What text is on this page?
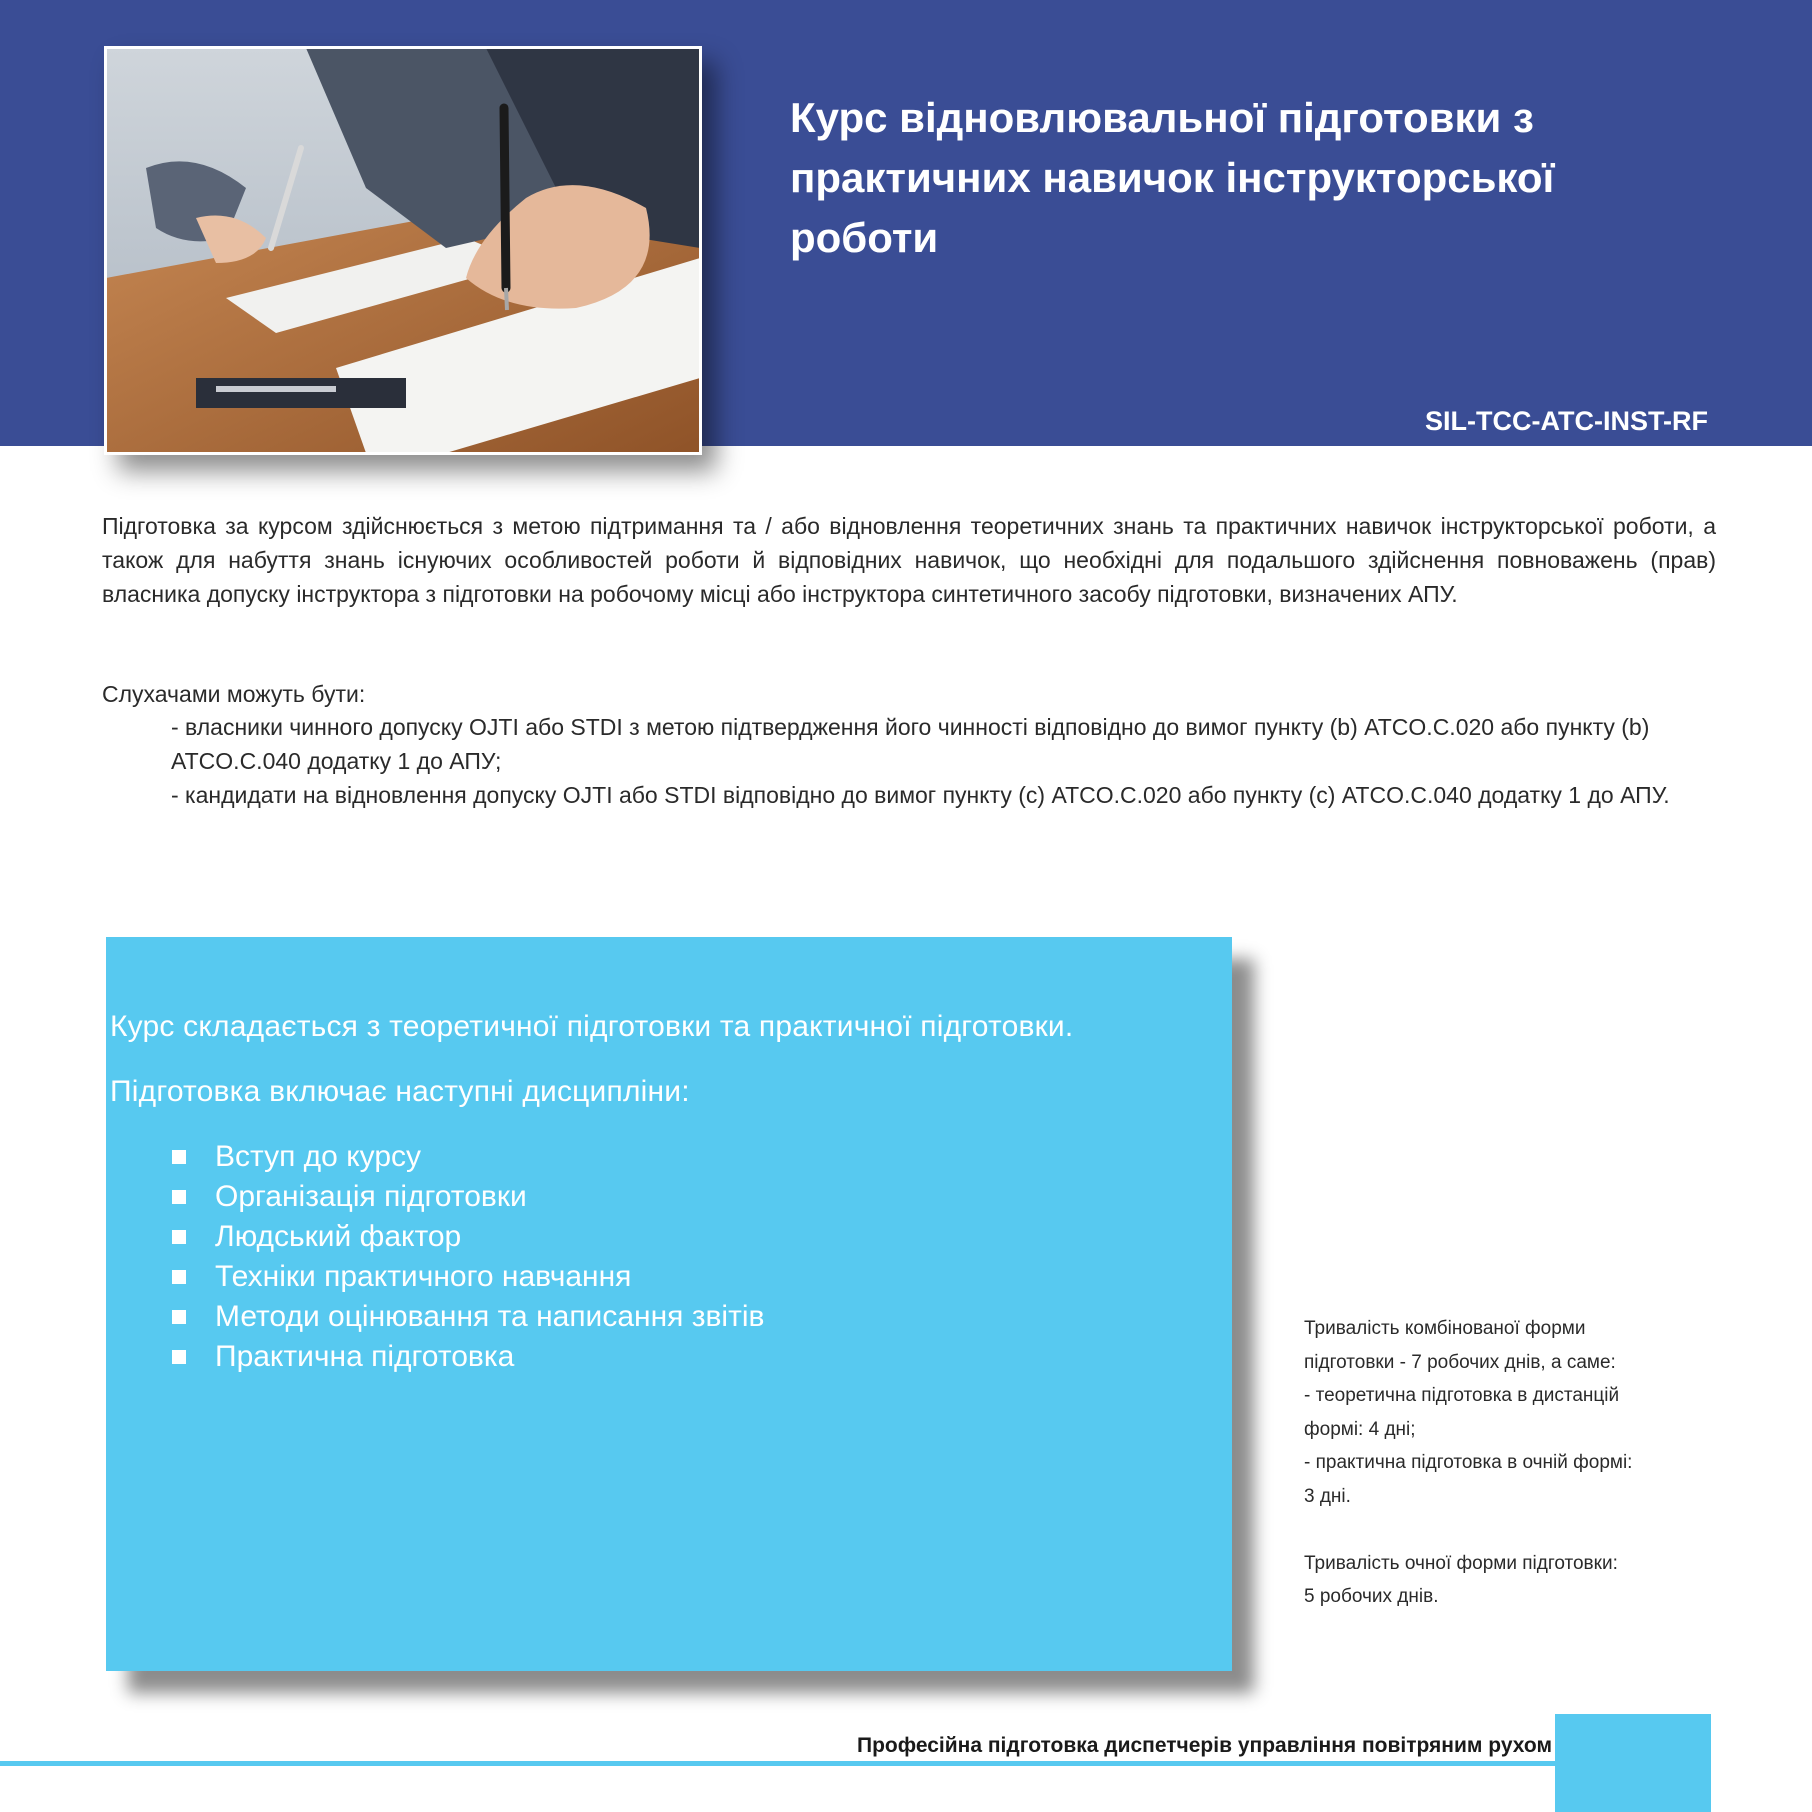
Курс відновлювальної підготовки з практичних навичок інструкторської роботи
SIL-TCC-ATC-INST-RF
Підготовка за курсом здійснюється з метою підтримання та / або відновлення теоретичних знань та практичних навичок інструкторської роботи, а також для набуття знань існуючих особливостей роботи й відповідних навичок, що необхідні для подальшого здійснення повноважень (прав) власника допуску інструктора з підготовки на робочому місці або інструктора синтетичного засобу підготовки, визначених АПУ.
Слухачами можуть бути:
- власники чинного допуску OJTI або STDI з метою підтвердження його чинності відповідно до вимог пункту (b) ATCO.C.020 або пункту (b) ATCO.C.040 додатку 1 до АПУ;
- кандидати на відновлення допуску OJTI або STDI відповідно до вимог пункту (c) ATCO.C.020 або пункту (c) ATCO.C.040 додатку 1 до АПУ.
Курс складається з теоретичної підготовки та практичної підготовки.
Підготовка включає наступні дисципліни:
Вступ до курсу
Організація підготовки
Людський фактор
Техніки практичного навчання
Методи оцінювання та написання звітів
Практична підготовка

Тривалість комбінованої форми

підготовки - 7 робочих днів, а саме:

- теоретична підготовка в дистанцій

формі: 4 дні;

- практична підготовка в очній формі:

3 дні.

Тривалість очної форми підготовки:

5 робочих днів.

Професійна підготовка диспетчерів управління повітряним рухом
